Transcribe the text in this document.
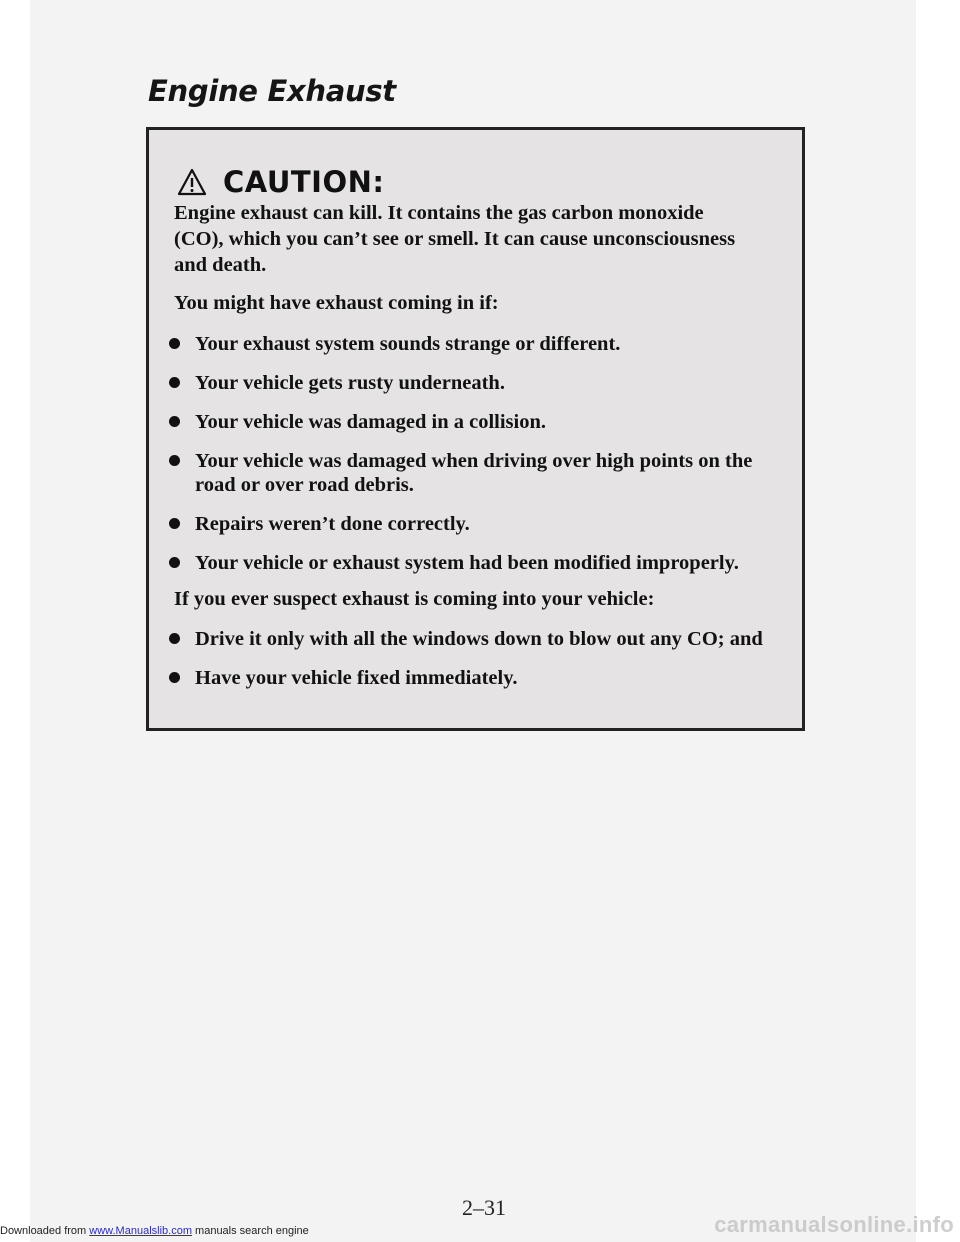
Engine Exhaust
CAUTION:

Engine exhaust can kill. It contains the gas carbon monoxide
(CO), which you can’t see or smell. It can cause unconsciousness
and death.

You might have exhaust coming in if:

Your exhaust system sounds strange or different.
Your vehicle gets rusty underneath.
Your vehicle was damaged in a collision.
Your vehicle was damaged when driving over high points on the road or over road debris.
Repairs weren’t done correctly.
Your vehicle or exhaust system had been modified improperly.

If you ever suspect exhaust is coming into your vehicle:

Drive it only with all the windows down to blow out any CO; and
Have your vehicle fixed immediately.
2–31
Downloaded from www.Manualslib.com manuals search engine	carmanualsonline.info
